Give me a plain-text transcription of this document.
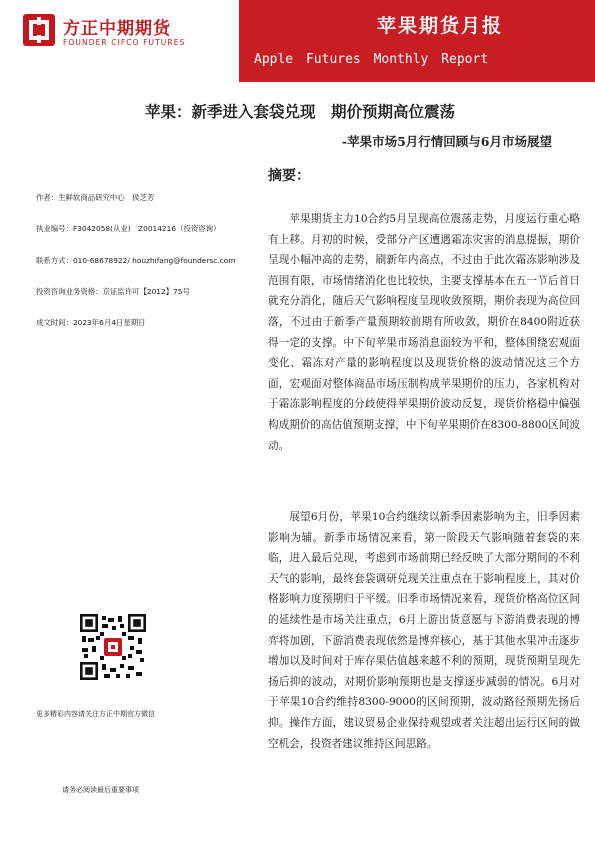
方正中期期货
FOUNDER CIFCO FUTURES
苹果期货月报
Apple Futures Monthly Report
苹果：新季进入套袋兑现　期价预期高位震荡
-苹果市场5月行情回顾与6月市场展望
作者：生鲜软商品研究中心　侯芝芳
执业编号：F3042058(从业)　Z0014216（投资咨询）
联系方式：010-68678922/ houzhifang@foundersc.com
投资咨询业务资格：京证监许可【2012】75号
成文时间：2023年6月4日星期日
更多精彩内容请关注方正中期官方微信
请务必阅读最后重要事项
摘要：

苹果期货主力10合约5月呈现高位震荡走势，月度运行重心略有上移。月初的时候，受部分产区遭遇霜冻灾害的消息提振，期价呈现小幅冲高的走势，刷新年内高点，不过由于此次霜冻影响涉及范围有限，市场情绪消化也比较快，主要支撑基本在五一节后首日就充分消化，随后天气影响程度呈现收敛预期，期价表现为高位回落，不过由于新季产量预期较前期有所收敛，期价在8400附近获得一定的支撑。中下旬苹果市场消息面较为平和，整体围绕宏观面变化、霜冻对产量的影响程度以及现货价格的波动情况这三个方面，宏观面对整体商品市场压制构成苹果期价的压力，各家机构对于霜冻影响程度的分歧使得苹果期价波动反复，现货价格稳中偏强构成期价的高估值预期支撑，中下旬苹果期价在8300-8800区间波动。

展望6月份，苹果10合约继续以新季因素影响为主，旧季因素影响为辅。新季市场情况来看，第一阶段天气影响随着套袋的来临，进入最后兑现，考虑到市场前期已经反映了大部分期间的不利天气的影响，最终套袋调研兑现关注重点在于影响程度上，其对价格影响力度预期归于平缓。旧季市场情况来看，现货价格高位区间的延续性是市场关注重点，6月上游出货意愿与下游消费表现的博弈将加剧，下游消费表现依然是博弈核心，基于其他水果冲击逐步增加以及时间对于库存果估值越来越不利的预期，现货预期呈现先扬后抑的波动，对期价影响预期也是支撑逐步减弱的情况。6月对于苹果10合约维持8300-9000的区间预期，波动路径预期先扬后抑。操作方面，建议贸易企业保持观望或者关注超出运行区间的做空机会，投资者建议维持区间思路。
